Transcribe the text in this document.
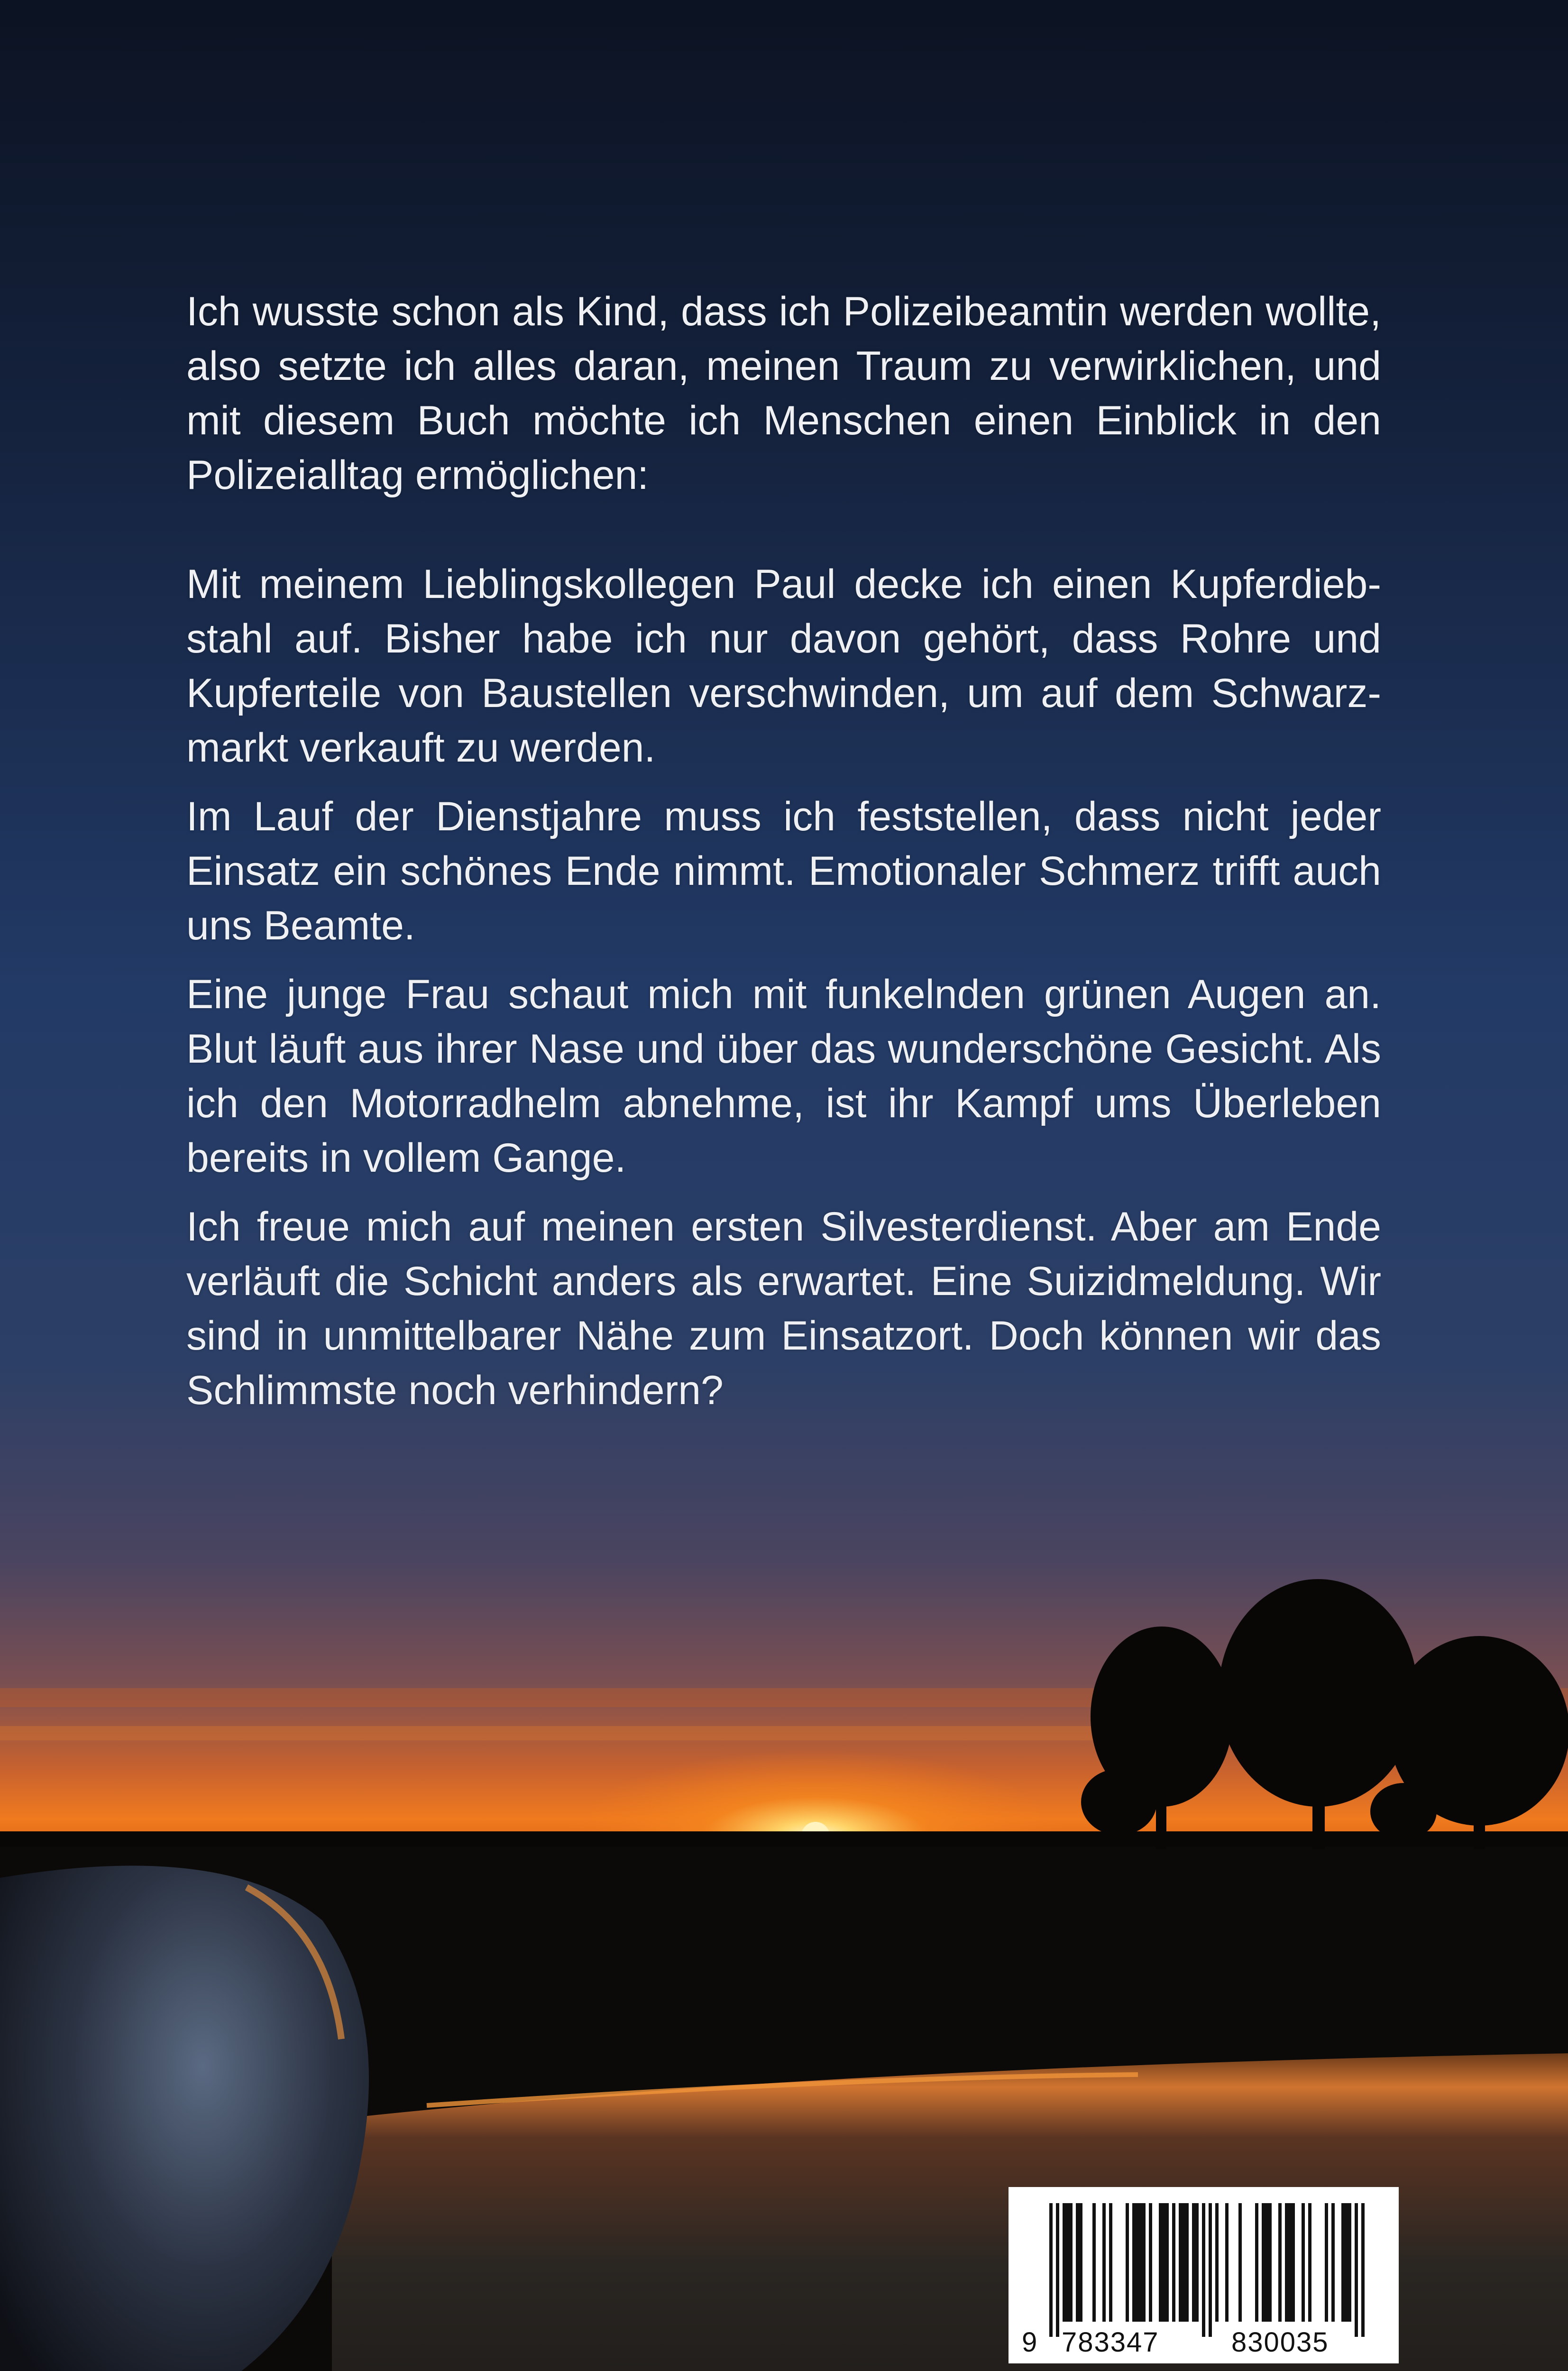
Ich wusste schon als Kind, dass ich Polizeibeamtin werden wollte, also setzte ich alles daran, meinen Traum zu verwirklichen, und mit diesem Buch möchte ich Menschen einen Einblick in den Polizeialltag ermöglichen:

Mit meinem Lieblingskollegen Paul decke ich einen Kupferdiebstahl auf. Bisher habe ich nur davon gehört, dass Rohre und Kupferteile von Baustellen verschwinden, um auf dem Schwarzmarkt verkauft zu werden.

Im Lauf der Dienstjahre muss ich feststellen, dass nicht jeder Einsatz ein schönes Ende nimmt. Emotionaler Schmerz trifft auch uns Beamte.

Eine junge Frau schaut mich mit funkelnden grünen Augen an. Blut läuft aus ihrer Nase und über das wunderschöne Gesicht. Als ich den Motorradhelm abnehme, ist ihr Kampf ums Überleben bereits in vollem Gange.

Ich freue mich auf meinen ersten Silvesterdienst. Aber am Ende verläuft die Schicht anders als erwartet. Eine Suizidmeldung. Wir sind in unmittelbarer Nähe zum Einsatzort. Doch können wir das Schlimmste noch verhindern?

9 783347	830035
